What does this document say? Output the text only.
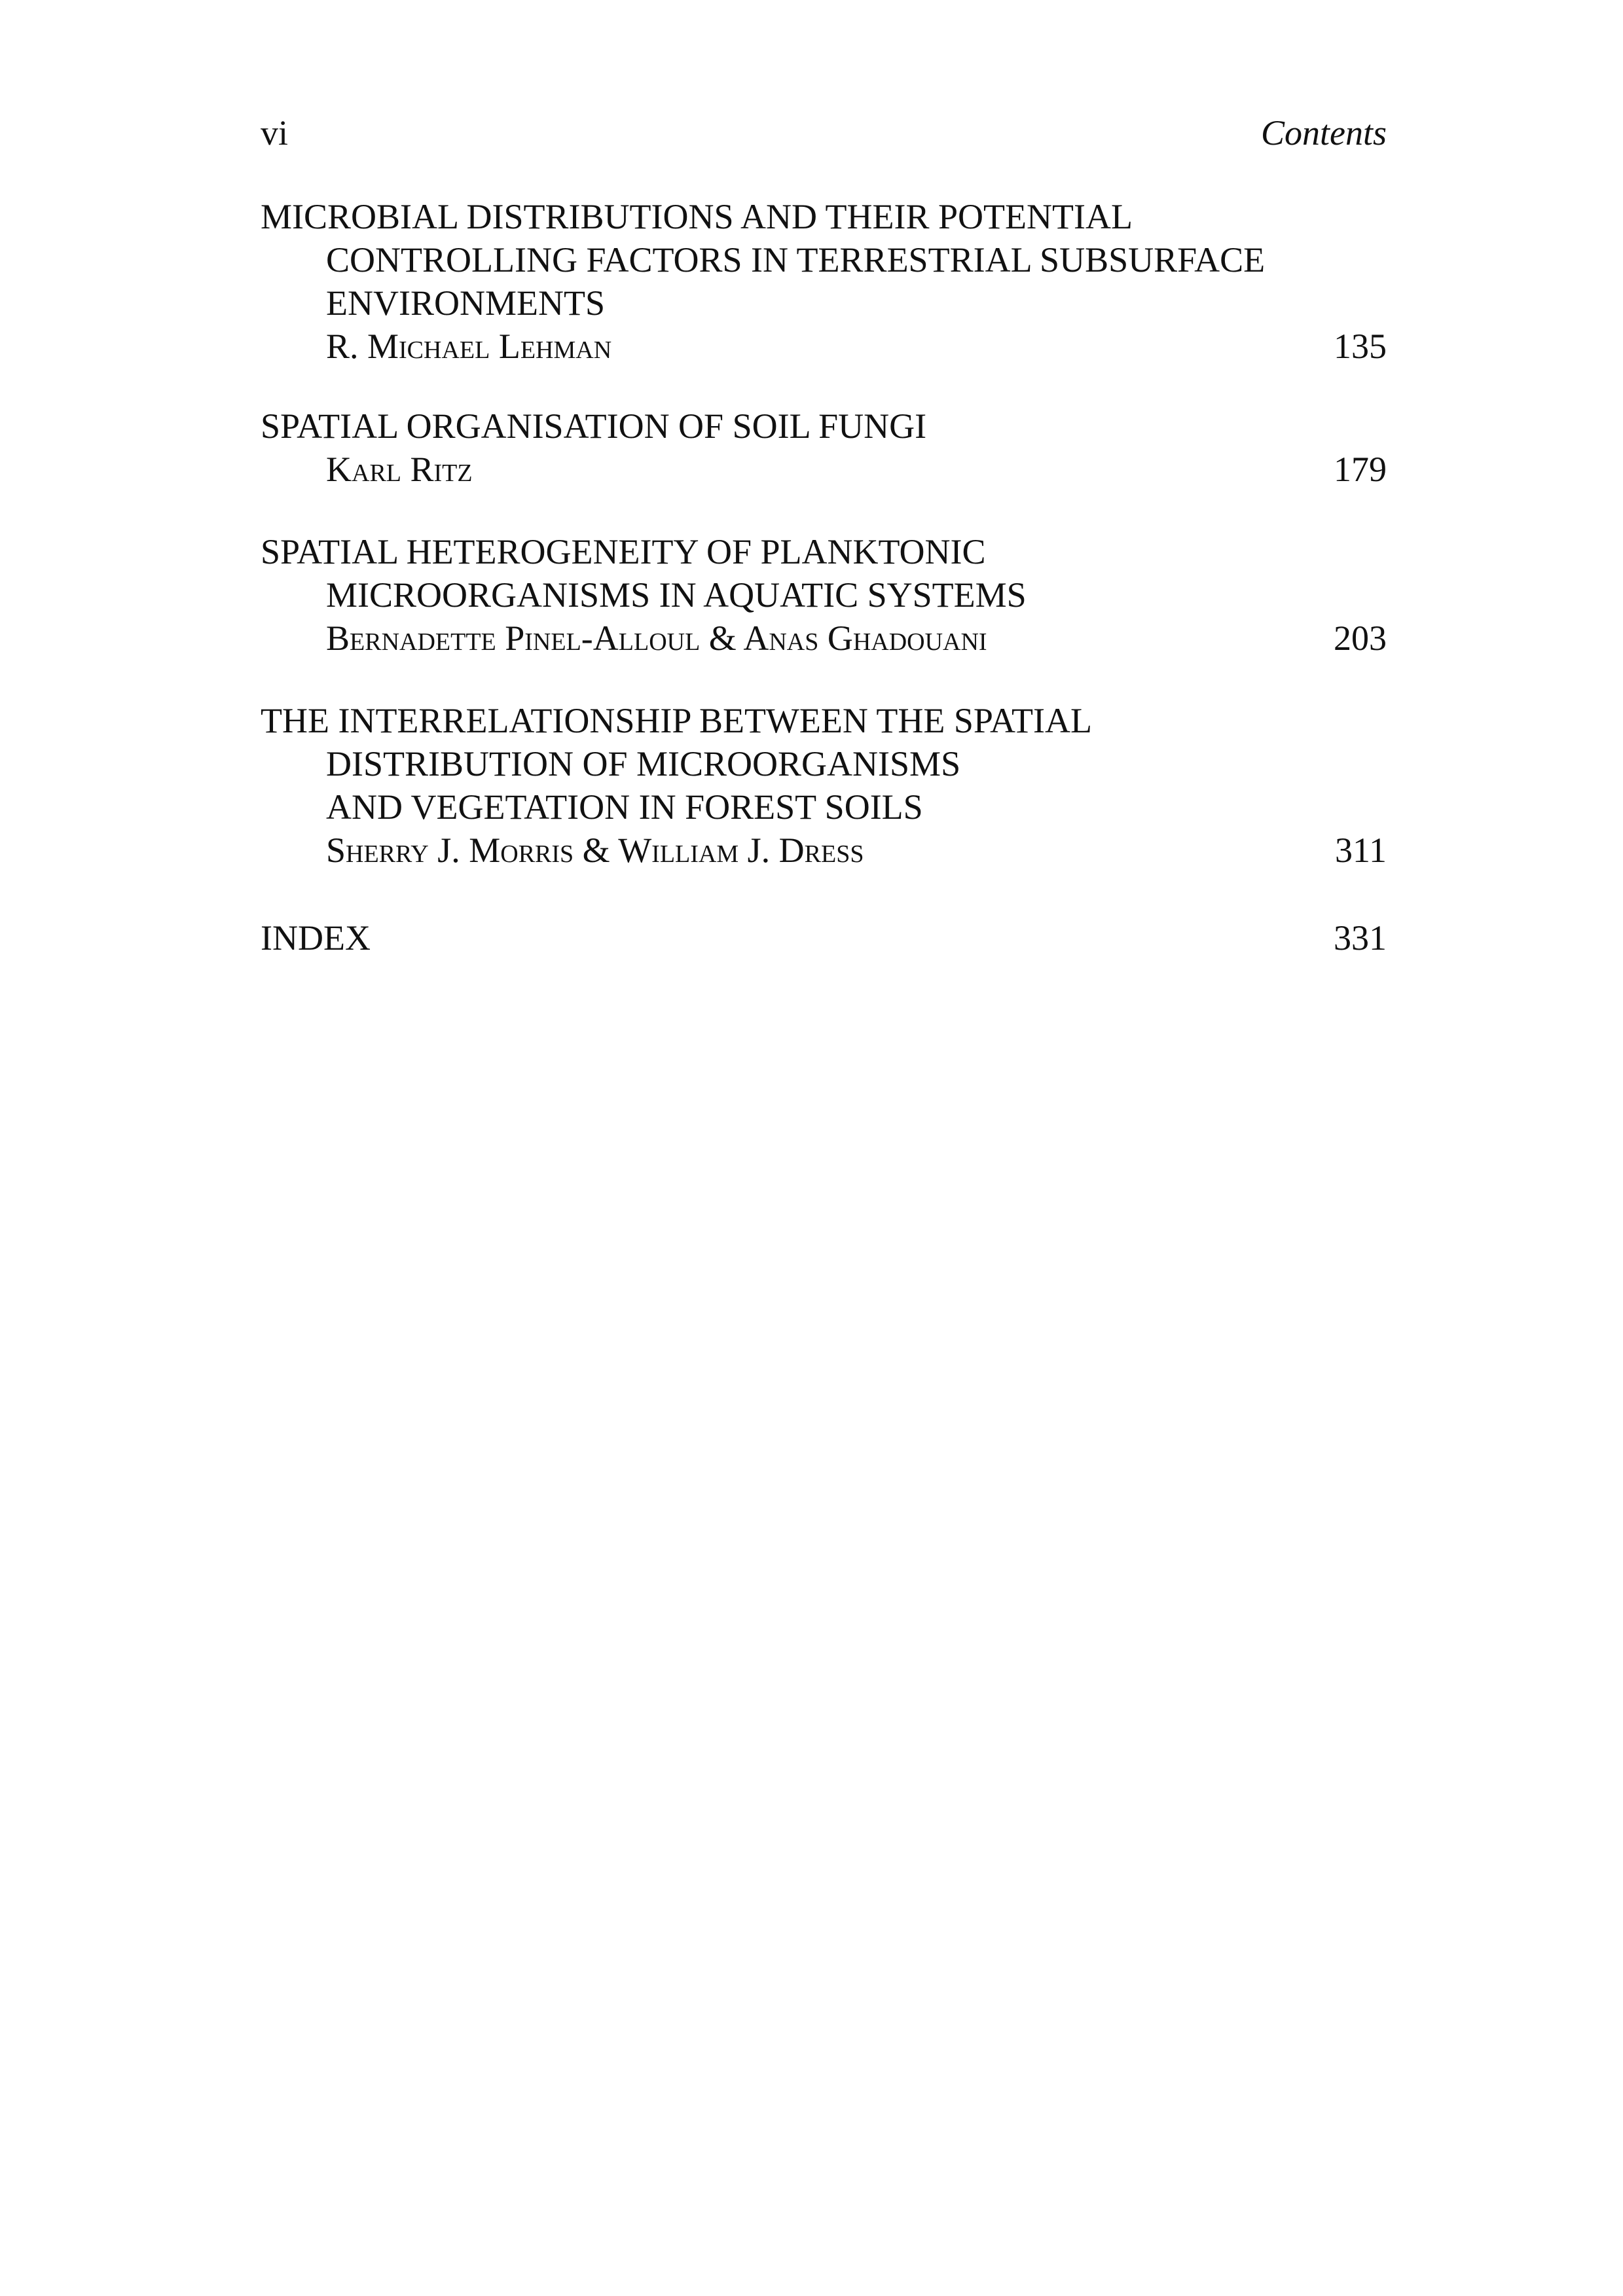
vi	Contents
MICROBIAL DISTRIBUTIONS AND THEIR POTENTIAL
CONTROLLING FACTORS IN TERRESTRIAL SUBSURFACE
ENVIRONMENTS
R. Michael Lehman	135
SPATIAL ORGANISATION OF SOIL FUNGI
Karl Ritz	179
SPATIAL HETEROGENEITY OF PLANKTONIC
MICROORGANISMS IN AQUATIC SYSTEMS
Bernadette Pinel-Alloul & Anas Ghadouani	203
THE INTERRELATIONSHIP BETWEEN THE SPATIAL
DISTRIBUTION OF MICROORGANISMS
AND VEGETATION IN FOREST SOILS
Sherry J. Morris & William J. Dress	311
INDEX	331
